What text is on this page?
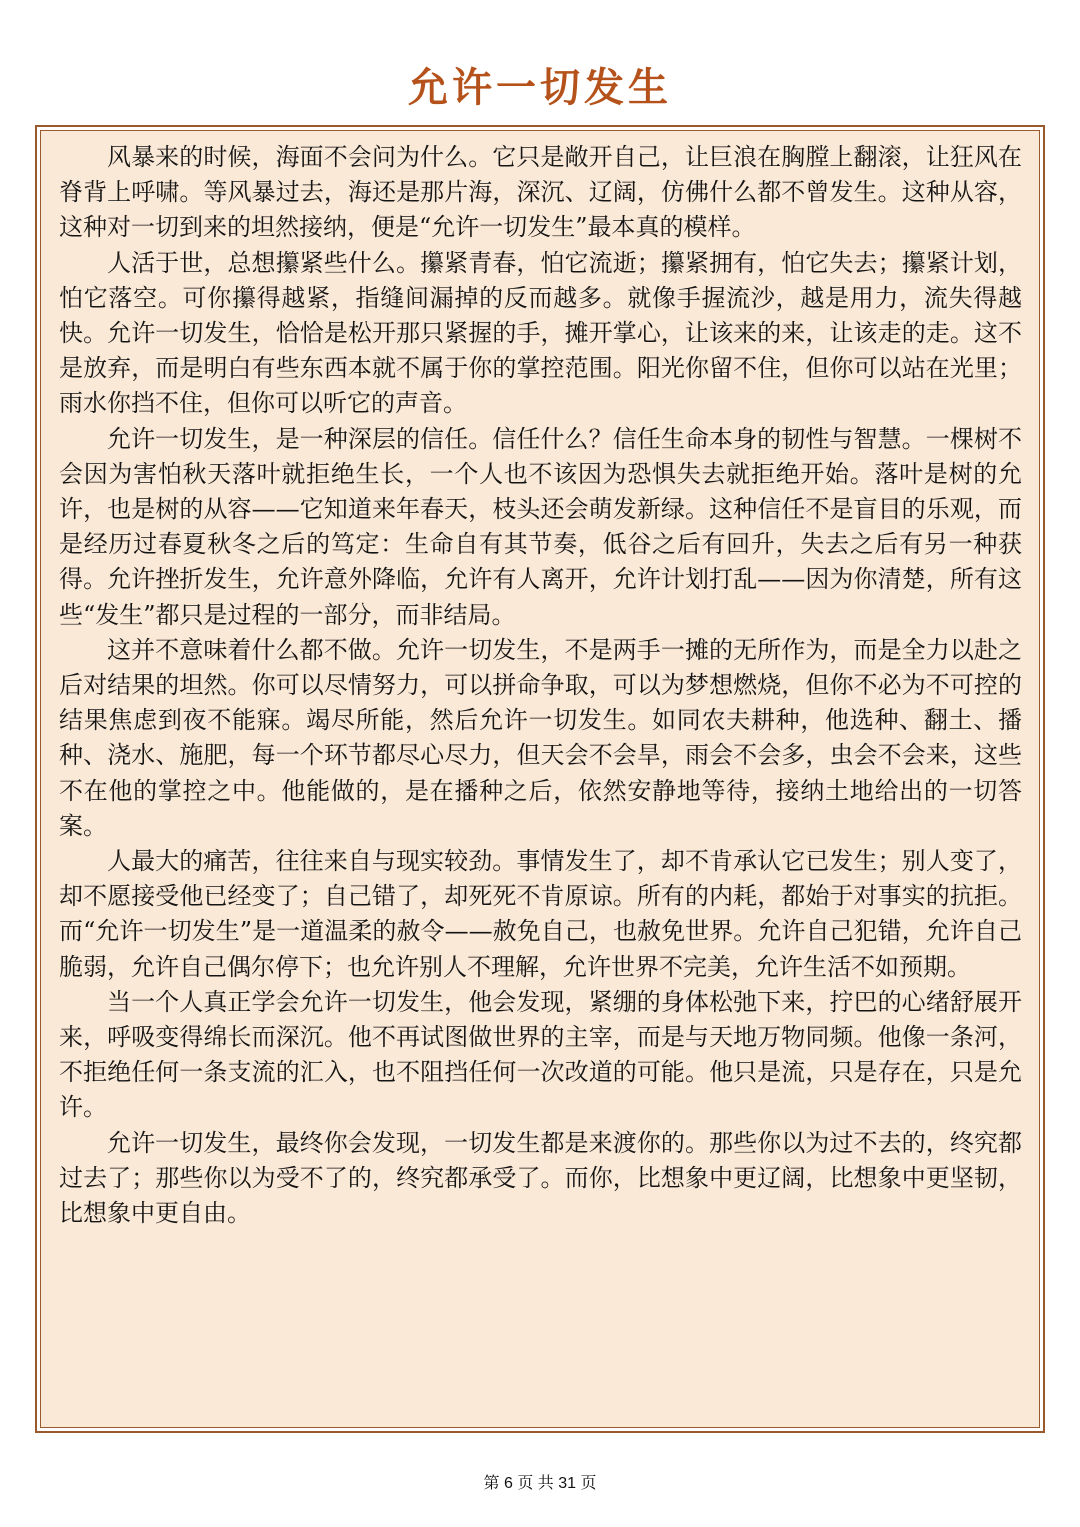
允许一切发生

风暴来的时候，海面不会问为什么。它只是敞开自己，让巨浪在胸膛上翻滚，让狂风在脊背上呼啸。等风暴过去，海还是那片海，深沉、辽阔，仿佛什么都不曾发生。这种从容，这种对一切到来的坦然接纳，便是“允许一切发生”最本真的模样。

人活于世，总想攥紧些什么。攥紧青春，怕它流逝；攥紧拥有，怕它失去；攥紧计划，怕它落空。可你攥得越紧，指缝间漏掉的反而越多。就像手握流沙，越是用力，流失得越快。允许一切发生，恰恰是松开那只紧握的手，摊开掌心，让该来的来，让该走的走。这不是放弃，而是明白有些东西本就不属于你的掌控范围。阳光你留不住，但你可以站在光里；雨水你挡不住，但你可以听它的声音。

允许一切发生，是一种深层的信任。信任什么？信任生命本身的韧性与智慧。一棵树不会因为害怕秋天落叶就拒绝生长，一个人也不该因为恐惧失去就拒绝开始。落叶是树的允许，也是树的从容——它知道来年春天，枝头还会萌发新绿。这种信任不是盲目的乐观，而是经历过春夏秋冬之后的笃定：生命自有其节奏，低谷之后有回升，失去之后有另一种获得。允许挫折发生，允许意外降临，允许有人离开，允许计划打乱——因为你清楚，所有这些“发生”都只是过程的一部分，而非结局。

这并不意味着什么都不做。允许一切发生，不是两手一摊的无所作为，而是全力以赴之后对结果的坦然。你可以尽情努力，可以拼命争取，可以为梦想燃烧，但你不必为不可控的结果焦虑到夜不能寐。竭尽所能，然后允许一切发生。如同农夫耕种，他选种、翻土、播种、浇水、施肥，每一个环节都尽心尽力，但天会不会旱，雨会不会多，虫会不会来，这些不在他的掌控之中。他能做的，是在播种之后，依然安静地等待，接纳土地给出的一切答案。

人最大的痛苦，往往来自与现实较劲。事情发生了，却不肯承认它已发生；别人变了，却不愿接受他已经变了；自己错了，却死死不肯原谅。所有的内耗，都始于对事实的抗拒。而“允许一切发生”是一道温柔的赦令——赦免自己，也赦免世界。允许自己犯错，允许自己脆弱，允许自己偶尔停下；也允许别人不理解，允许世界不完美，允许生活不如预期。

当一个人真正学会允许一切发生，他会发现，紧绷的身体松弛下来，拧巴的心绪舒展开来，呼吸变得绵长而深沉。他不再试图做世界的主宰，而是与天地万物同频。他像一条河，不拒绝任何一条支流的汇入，也不阻挡任何一次改道的可能。他只是流，只是存在，只是允许。

允许一切发生，最终你会发现，一切发生都是来渡你的。那些你以为过不去的，终究都过去了；那些你以为受不了的，终究都承受了。而你，比想象中更辽阔，比想象中更坚韧，比想象中更自由。

第 6 页 共 31 页
